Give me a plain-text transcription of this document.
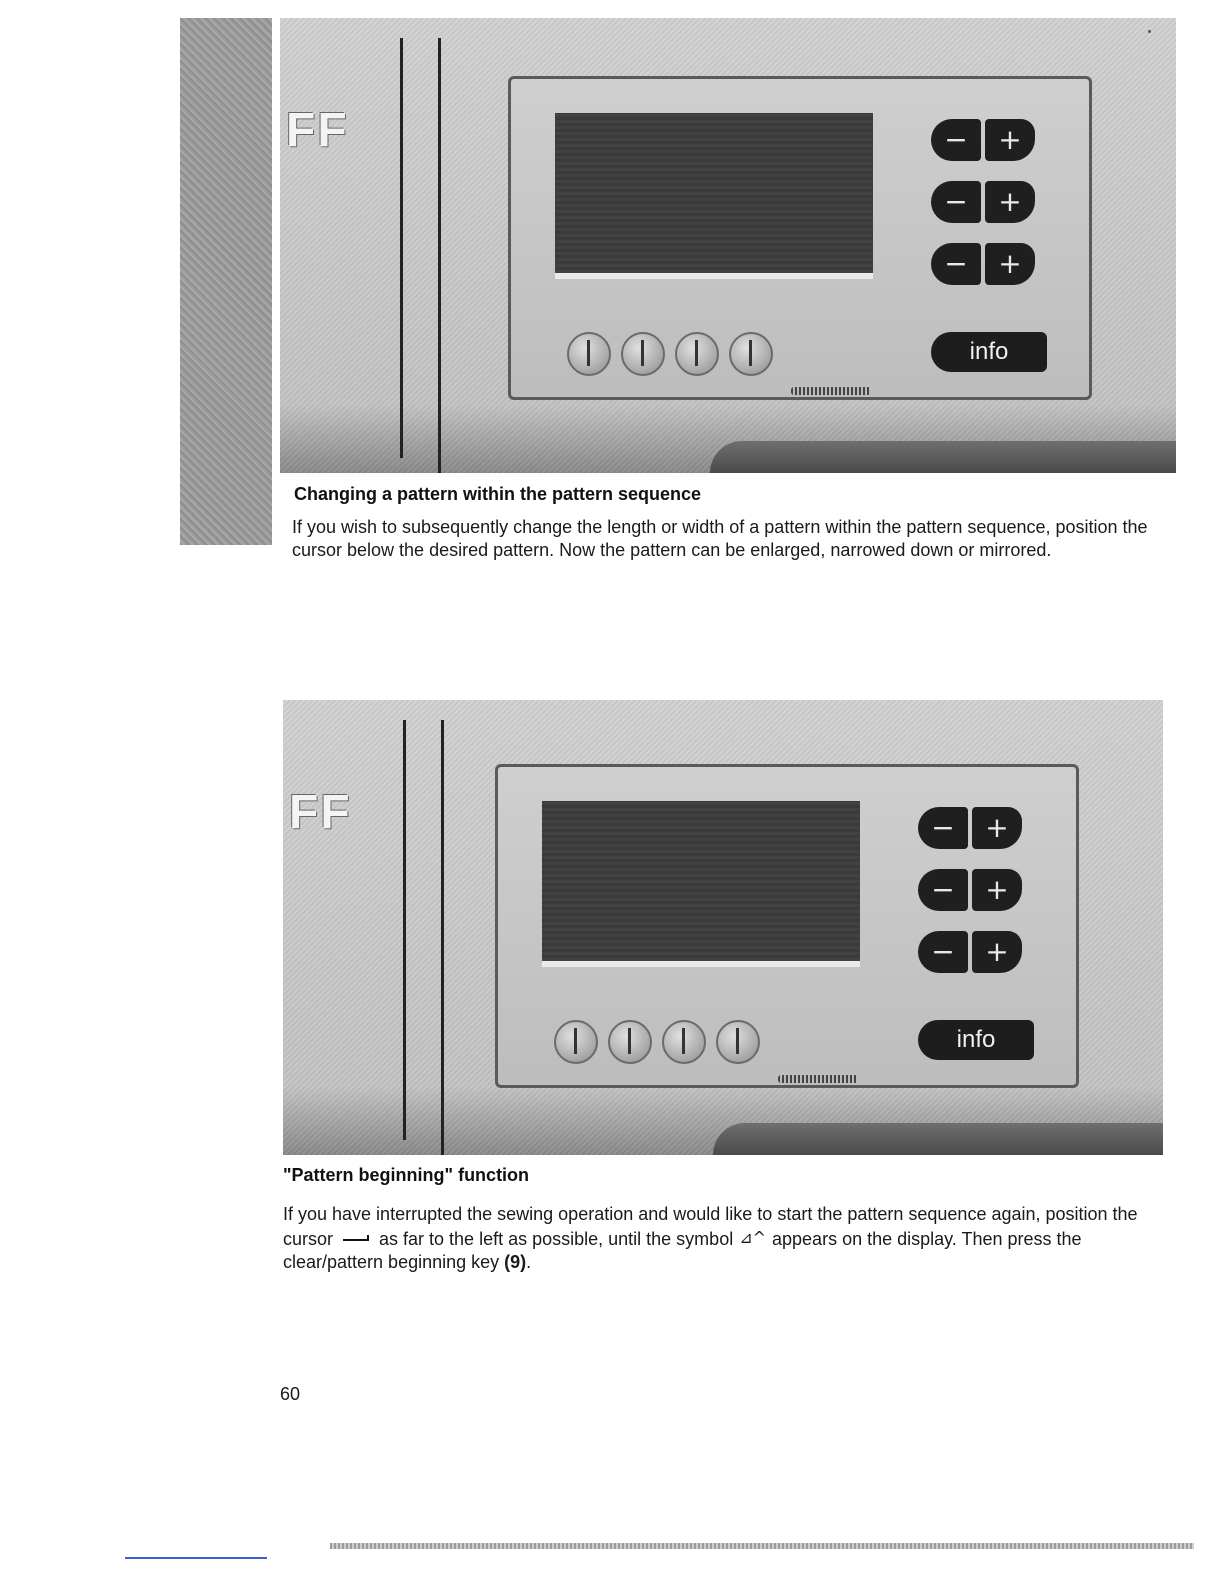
FF	−	+
−	+
−	+
info
Changing a pattern within the pattern sequence

If you wish to subsequently change the length or width of a pattern within the pattern sequence, position the cursor below the desired pattern. Now the pattern can be enlarged, narrowed down or mirrored.

FF	−	+
−	+
−	+
info
"Pattern beginning" function

If you have interrupted the sewing operation and would like to start the pattern sequence again, position the cursor	as far to the left as possible, until the symbol ⊿^ appears on the display. Then press the clear/pattern beginning key (9).

60
